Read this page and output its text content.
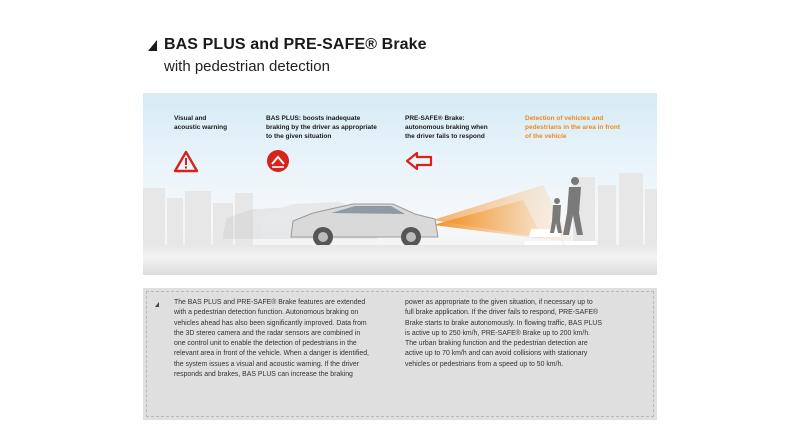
BAS PLUS and PRE-SAFE® Brake
with pedestrian detection
Visual and
acoustic warning
BAS PLUS: boosts inadequate
braking by the driver as appropriate
to the given situation
PRE-SAFE® Brake:
autonomous braking when
the driver fails to respond
Detection of vehicles and
pedestrians in the area in front
of the vehicle
The BAS PLUS and PRE-SAFE® Brake features are extended
with a pedestrian detection function. Autonomous braking on
vehicles ahead has also been significantly improved. Data from
the 3D stereo camera and the radar sensors are combined in
one control unit to enable the detection of pedestrians in the
relevant area in front of the vehicle. When a danger is identified,
the system issues a visual and acoustic warning. If the driver
responds and brakes, BAS PLUS can increase the braking
power as appropriate to the given situation, if necessary up to
full brake application. If the driver fails to respond, PRE-SAFE®
Brake starts to brake autonomously. In flowing traffic, BAS PLUS
is active up to 250 km/h, PRE-SAFE® Brake up to 200 km/h.
The urban braking function and the pedestrian detection are
active up to 70 km/h and can avoid collisions with stationary
vehicles or pedestrians from a speed up to 50 km/h.
